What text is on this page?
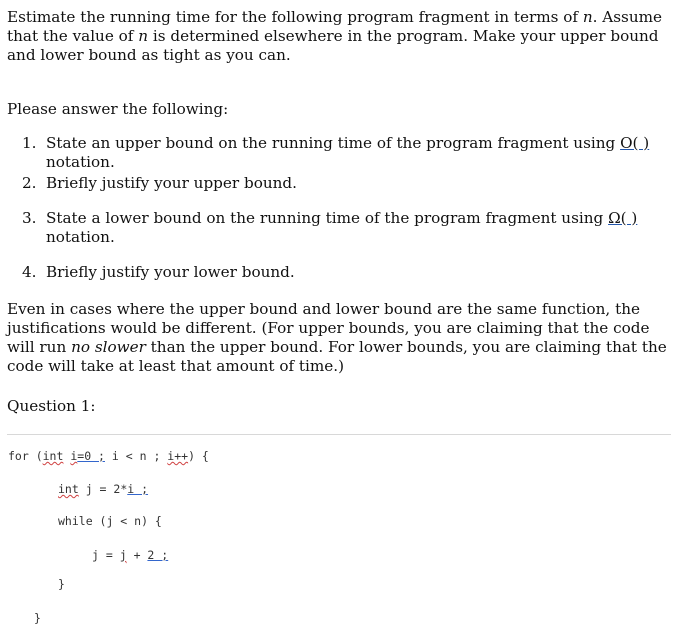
Estimate the running time for the following program fragment in terms of n. Assume that the value of n is determined elsewhere in the program. Make your upper bound and lower bound as tight as you can.

Please answer the following:

1. State an upper bound on the running time of the program fragment using O( ) notation.
2. Briefly justify your upper bound.
3. State a lower bound on the running time of the program fragment using Ω( ) notation.
4. Briefly justify your lower bound.

Even in cases where the upper bound and lower bound are the same function, the justifications would be different. (For upper bounds, you are claiming that the code will run no slower than the upper bound. For lower bounds, you are claiming that the code will take at least that amount of time.)

Question 1:

for (int i=0 ; i < n ; i++) {
int j = 2*i ;
while (j < n) {
j = j + 2 ;
}
}
